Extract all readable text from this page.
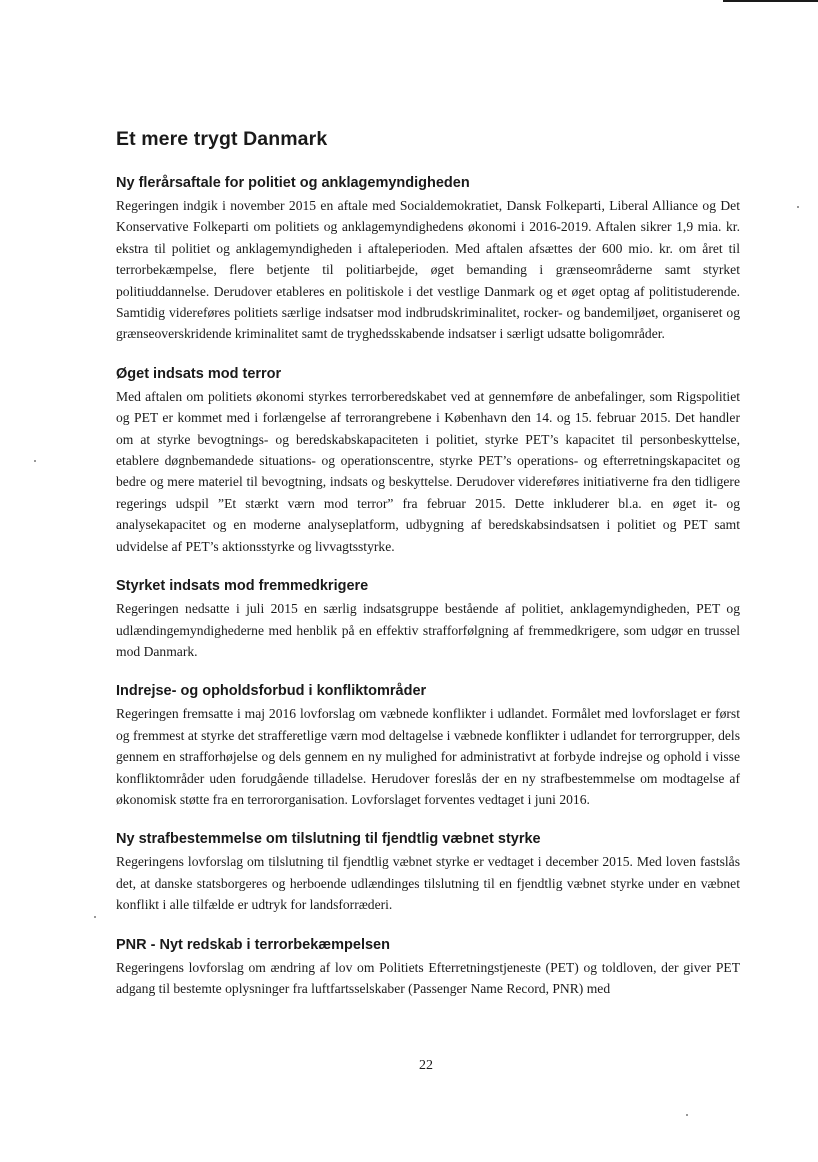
Et mere trygt Danmark
Ny flerårsaftale for politiet og anklagemyndigheden

Regeringen indgik i november 2015 en aftale med Socialdemokratiet, Dansk Folkeparti, Liberal Alliance og Det Konservative Folkeparti om politiets og anklagemyndighedens økonomi i 2016-2019. Aftalen sikrer 1,9 mia. kr. ekstra til politiet og anklagemyndigheden i aftaleperioden. Med aftalen afsættes der 600 mio. kr. om året til terrorbekæmpelse, flere betjente til politiarbejde, øget bemanding i grænseområderne samt styrket politiuddannelse. Derudover etableres en politiskole i det vestlige Danmark og et øget optag af politistuderende. Samtidig videreføres politiets særlige indsatser mod indbrudskriminalitet, rocker- og bandemiljøet, organiseret og grænseoverskridende kriminalitet samt de tryghedsskabende indsatser i særligt udsatte boligområder.

Øget indsats mod terror

Med aftalen om politiets økonomi styrkes terrorberedskabet ved at gennemføre de anbefalinger, som Rigspolitiet og PET er kommet med i forlængelse af terrorangrebene i København den 14. og 15. februar 2015. Det handler om at styrke bevogtnings- og beredskabskapaciteten i politiet, styrke PET’s kapacitet til personbeskyttelse, etablere døgnbemandede situations- og operationscentre, styrke PET’s operations- og efterretningskapacitet og bedre og mere materiel til bevogtning, indsats og beskyttelse. Derudover videreføres initiativerne fra den tidligere regerings udspil ”Et stærkt værn mod terror” fra februar 2015. Dette inkluderer bl.a. en øget it- og analysekapacitet og en moderne analyseplatform, udbygning af beredskabsindsatsen i politiet og PET samt udvidelse af PET’s aktionsstyrke og livvagtsstyrke.

Styrket indsats mod fremmedkrigere

Regeringen nedsatte i juli 2015 en særlig indsatsgruppe bestående af politiet, anklagemyndigheden, PET og udlændingemyndighederne med henblik på en effektiv strafforfølgning af fremmedkrigere, som udgør en trussel mod Danmark.

Indrejse- og opholdsforbud i konfliktområder

Regeringen fremsatte i maj 2016 lovforslag om væbnede konflikter i udlandet. Formålet med lovforslaget er først og fremmest at styrke det strafferetlige værn mod deltagelse i væbnede konflikter i udlandet for terrorgrupper, dels gennem en strafforhøjelse og dels gennem en ny mulighed for administrativt at forbyde indrejse og ophold i visse konfliktområder uden forudgående tilladelse. Herudover foreslås der en ny strafbestemmelse om modtagelse af økonomisk støtte fra en terrororganisation. Lovforslaget forventes vedtaget i juni 2016.

Ny strafbestemmelse om tilslutning til fjendtlig væbnet styrke

Regeringens lovforslag om tilslutning til fjendtlig væbnet styrke er vedtaget i december 2015. Med loven fastslås det, at danske statsborgeres og herboende udlændinges tilslutning til en fjendtlig væbnet styrke under en væbnet konflikt i alle tilfælde er udtryk for landsforræderi.

PNR - Nyt redskab i terrorbekæmpelsen

Regeringens lovforslag om ændring af lov om Politiets Efterretningstjeneste (PET) og toldloven, der giver PET adgang til bestemte oplysninger fra luftfartsselskaber (Passenger Name Record, PNR) med

22
